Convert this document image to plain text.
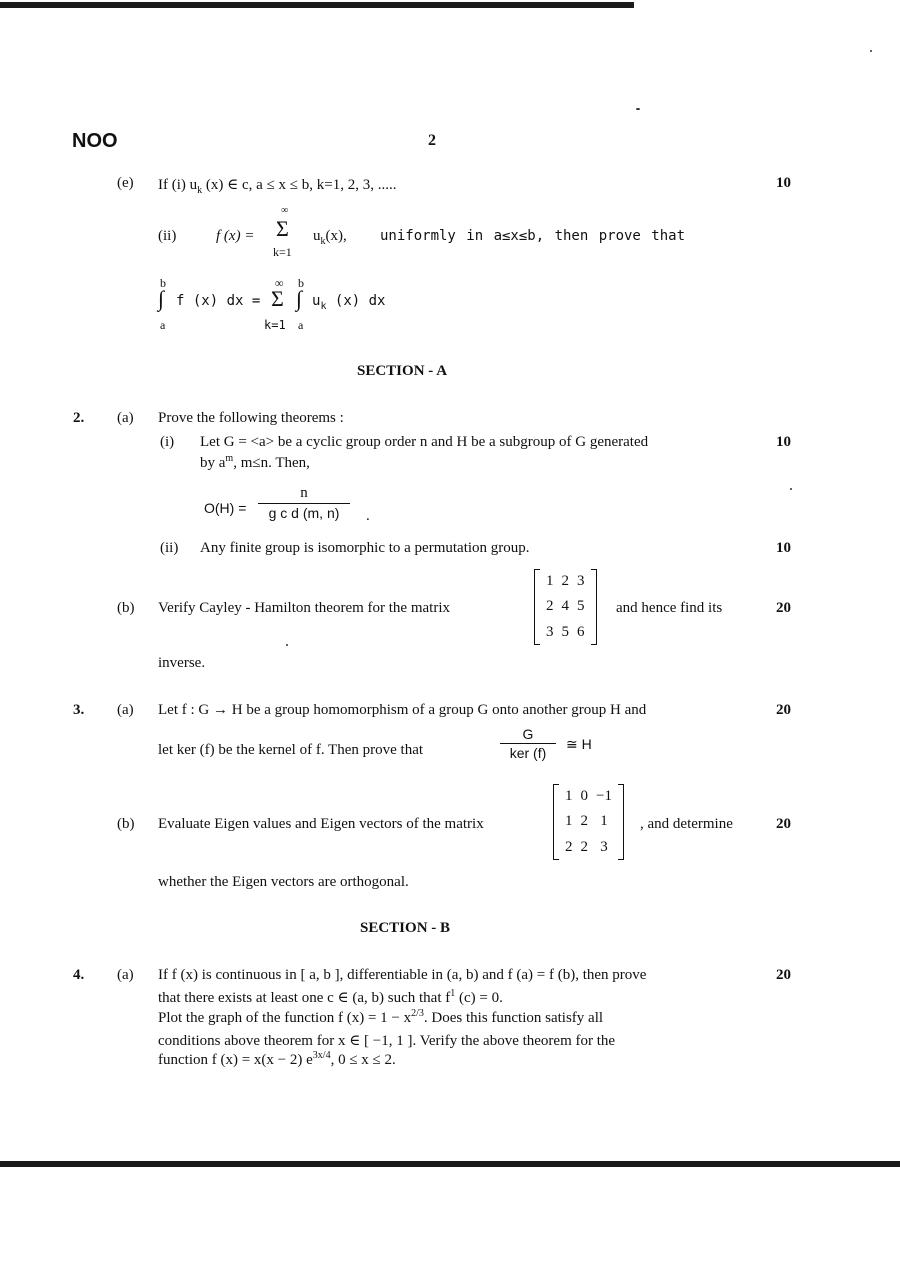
NOO	2
(e) If (i) $u_k$ (x) ∈ c, a ≤ x ≤ b, k=1, 2, 3, .....	10
(ii)	f (x) =
∞
Σ
k=1
$u_k(x)$, uniformly in a≤x≤b, then prove that
b
∫
a
f (x) dx =
∞
Σ
k=1
b
∫
a
$u_k$ (x) dx
SECTION - A
2. (a) Prove the following theorems :
(i) Let G = <a> be a cyclic group order n and H be a subgroup of G generated	10
by $a^m$, m≤n. Then,
$O(H) = \frac{n}{\text{g c d (m, n)}}$ .
(ii) Any finite group is isomorphic to a permutation group.	10
(b) Verify Cayley - Hamilton theorem for the matrix
1	2	3
2	4	5
3	5	6
and hence find its	20
inverse.
3. (a) Let f : G → H be a group homomorphism of a group G onto another group H and	20
let ker (f) be the kernel of f. Then prove that
G
ker (f)
≅ H
(b) Evaluate Eigen values and Eigen vectors of the matrix
1	0	−1
1	2	1
2	2	3
, and determine	20
whether the Eigen vectors are orthogonal.
SECTION - B
4. (a) If f (x) is continuous in [ a, b ], differentiable in (a, b) and f (a) = f (b), then prove	20
that there exists at least one c ∈ (a, b) such that $f^1$ (c) = 0.
Plot the graph of the function f $(x) = 1 - x^{2/3}$. Does this function satisfy all
conditions above theorem for x ∈ [ −1, 1 ]. Verify the above theorem for the
function f (x) = x(x − 2) $e^{3x/4}$, 0 ≤ x ≤ 2.
